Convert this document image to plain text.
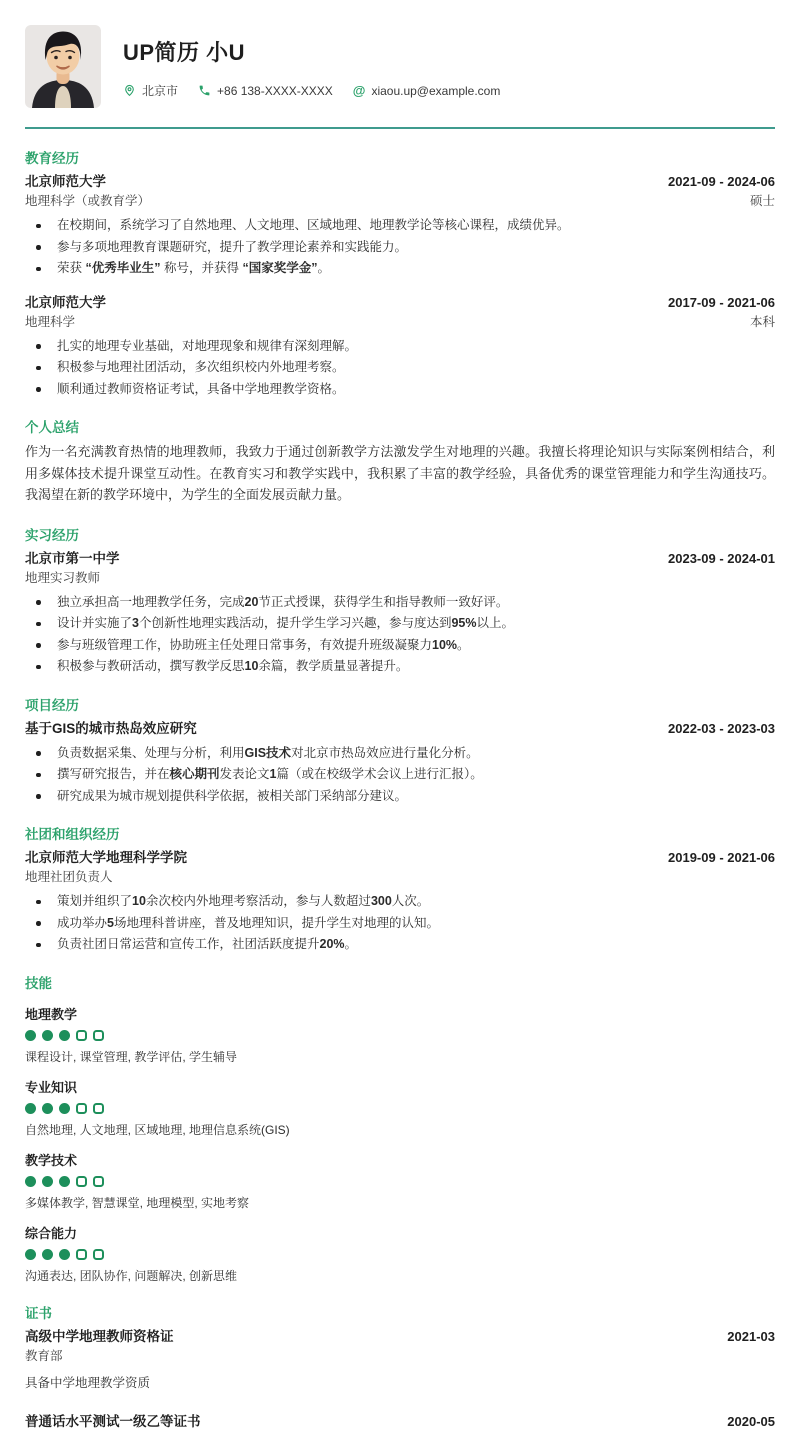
UP简历 小U
北京市	+86 138-XXXX-XXXX @ xiaou.up@example.com
教育经历
北京师范大学	2021-09 - 2024-06
地理科学（或教育学）	硕士
在校期间，系统学习了自然地理、人文地理、区域地理、地理教学论等核心课程，成绩优异。
参与多项地理教育课题研究，提升了教学理论素养和实践能力。
荣获 “优秀毕业生” 称号，并获得 “国家奖学金”。
北京师范大学	2017-09 - 2021-06
地理科学	本科
扎实的地理专业基础，对地理现象和规律有深刻理解。
积极参与地理社团活动，多次组织校内外地理考察。
顺利通过教师资格证考试，具备中学地理教学资格。
个人总结

作为一名充满教育热情的地理教师，我致力于通过创新教学方法激发学生对地理的兴趣。我擅长将理论知识与实际案例相结合，利用多媒体技术提升课堂互动性。在教育实习和教学实践中，我积累了丰富的教学经验，具备优秀的课堂管理能力和学生沟通技巧。我渴望在新的教学环境中，为学生的全面发展贡献力量。

实习经历
北京市第一中学	2023-09 - 2024-01
地理实习教师
独立承担高一地理教学任务，完成20节正式授课，获得学生和指导教师一致好评。
设计并实施了3个创新性地理实践活动，提升学生学习兴趣，参与度达到95%以上。
参与班级管理工作，协助班主任处理日常事务，有效提升班级凝聚力10%。
积极参与教研活动，撰写教学反思10余篇，教学质量显著提升。
项目经历
基于GIS的城市热岛效应研究	2022-03 - 2023-03
负责数据采集、处理与分析，利用GIS技术对北京市热岛效应进行量化分析。
撰写研究报告，并在核心期刊发表论文1篇（或在校级学术会议上进行汇报）。
研究成果为城市规划提供科学依据，被相关部门采纳部分建议。
社团和组织经历
北京师范大学地理科学学院	2019-09 - 2021-06
地理社团负责人
策划并组织了10余次校内外地理考察活动，参与人数超过300人次。
成功举办5场地理科普讲座，普及地理知识，提升学生对地理的认知。
负责社团日常运营和宣传工作，社团活跃度提升20%。
技能
地理教学
课程设计, 课堂管理, 教学评估, 学生辅导
专业知识
自然地理, 人文地理, 区域地理, 地理信息系统(GIS)
教学技术
多媒体教学, 智慧课堂, 地理模型, 实地考察
综合能力
沟通表达, 团队协作, 问题解决, 创新思维
证书
高级中学地理教师资格证	2021-03
教育部
具备中学地理教学资质
普通话水平测试一级乙等证书	2020-05
